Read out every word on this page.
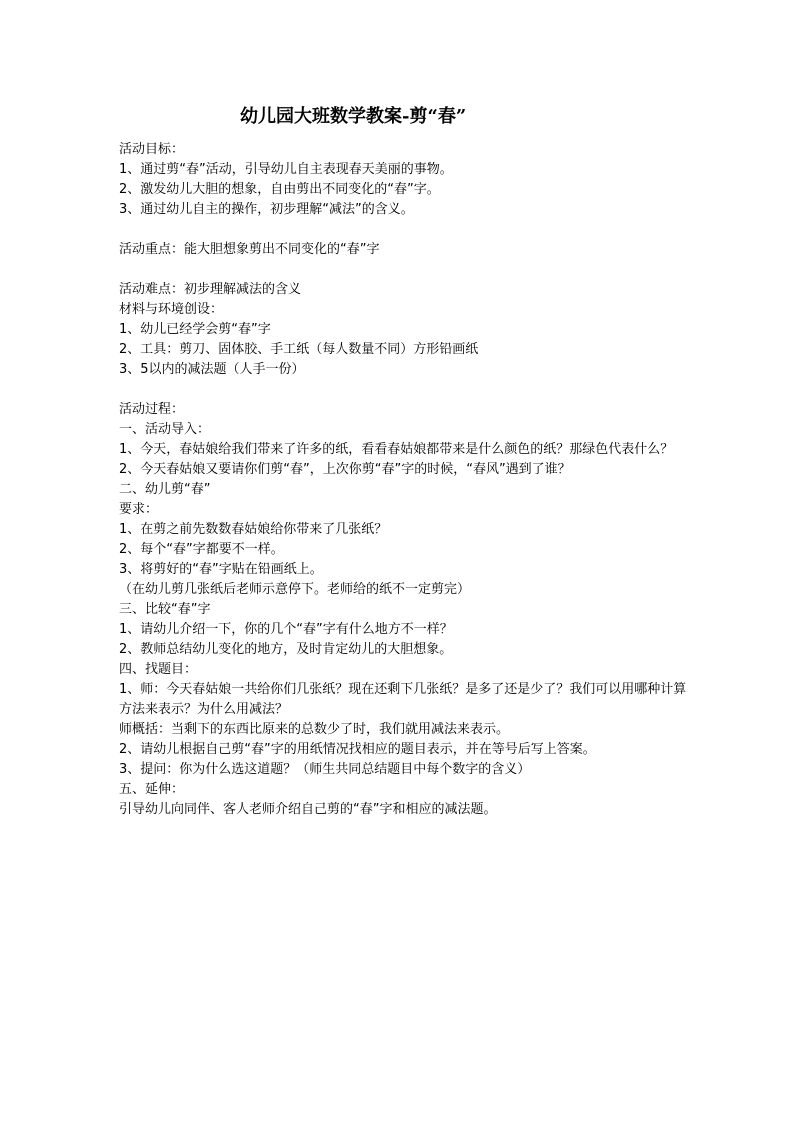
幼儿园大班数学教案-剪“春”
活动目标：
1、通过剪“春”活动，引导幼儿自主表现春天美丽的事物。
2、激发幼儿大胆的想象，自由剪出不同变化的“春”字。
3、通过幼儿自主的操作，初步理解“减法”的含义。
活动重点：能大胆想象剪出不同变化的“春”字
活动难点：初步理解减法的含义
材料与环境创设：
1、幼儿已经学会剪“春”字
2、工具：剪刀、固体胶、手工纸（每人数量不同）方形铅画纸
3、5以内的减法题（人手一份）
活动过程：
一、活动导入：
1、今天，春姑娘给我们带来了许多的纸，看看春姑娘都带来是什么颜色的纸？那绿色代表什么？
2、今天春姑娘又要请你们剪“春”，上次你剪“春”字的时候，“春风”遇到了谁？
二、幼儿剪“春”
要求：
1、在剪之前先数数春姑娘给你带来了几张纸？
2、每个“春”字都要不一样。
3、将剪好的“春”字贴在铅画纸上。
（在幼儿剪几张纸后老师示意停下。老师给的纸不一定剪完）
三、比较“春”字
1、请幼儿介绍一下，你的几个“春”字有什么地方不一样？
2、教师总结幼儿变化的地方，及时肯定幼儿的大胆想象。
四、找题目：
1、师：今天春姑娘一共给你们几张纸？现在还剩下几张纸？是多了还是少了？我们可以用哪种计算方法来表示？为什么用减法？
师概括：当剩下的东西比原来的总数少了时，我们就用减法来表示。
2、请幼儿根据自己剪“春”字的用纸情况找相应的题目表示，并在等号后写上答案。
3、提问：你为什么选这道题？（师生共同总结题目中每个数字的含义）
五、延伸：
引导幼儿向同伴、客人老师介绍自己剪的“春”字和相应的减法题。
